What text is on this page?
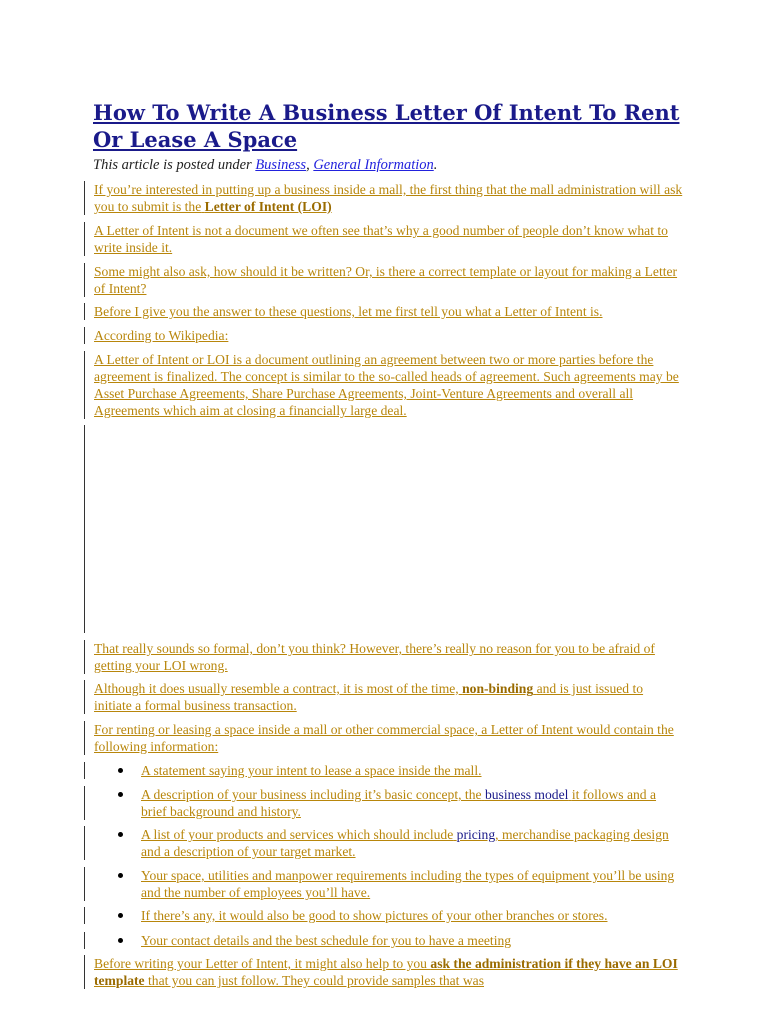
How To Write A Business Letter Of Intent To Rent Or Lease A Space

This article is posted under Business, General Information.

If you’re interested in putting up a business inside a mall, the first thing that the mall administration will ask you to submit is the Letter of Intent (LOI)

A Letter of Intent is not a document we often see that’s why a good number of people don’t know what to write inside it.

Some might also ask, how should it be written? Or, is there a correct template or layout for making a Letter of Intent?

Before I give you the answer to these questions, let me first tell you what a Letter of Intent is.

According to Wikipedia:

A Letter of Intent or LOI is a document outlining an agreement between two or more parties before the agreement is finalized. The concept is similar to the so-called heads of agreement. Such agreements may be Asset Purchase Agreements, Share Purchase Agreements, Joint-Venture Agreements and overall all Agreements which aim at closing a financially large deal.

That really sounds so formal, don’t you think? However, there’s really no reason for you to be afraid of getting your LOI wrong.

Although it does usually resemble a contract, it is most of the time, non-binding and is just issued to initiate a formal business transaction.

For renting or leasing a space inside a mall or other commercial space, a Letter of Intent would contain the following information:

A statement saying your intent to lease a space inside the mall.
A description of your business including it’s basic concept, the business model it follows and a brief background and history.
A list of your products and services which should include pricing, merchandise packaging design and a description of your target market.
Your space, utilities and manpower requirements including the types of equipment you’ll be using and the number of employees you’ll have.
If there’s any, it would also be good to show pictures of your other branches or stores.
Your contact details and the best schedule for you to have a meeting

Before writing your Letter of Intent, it might also help to you ask the administration if they have an LOI template that you can just follow. They could provide samples that was
